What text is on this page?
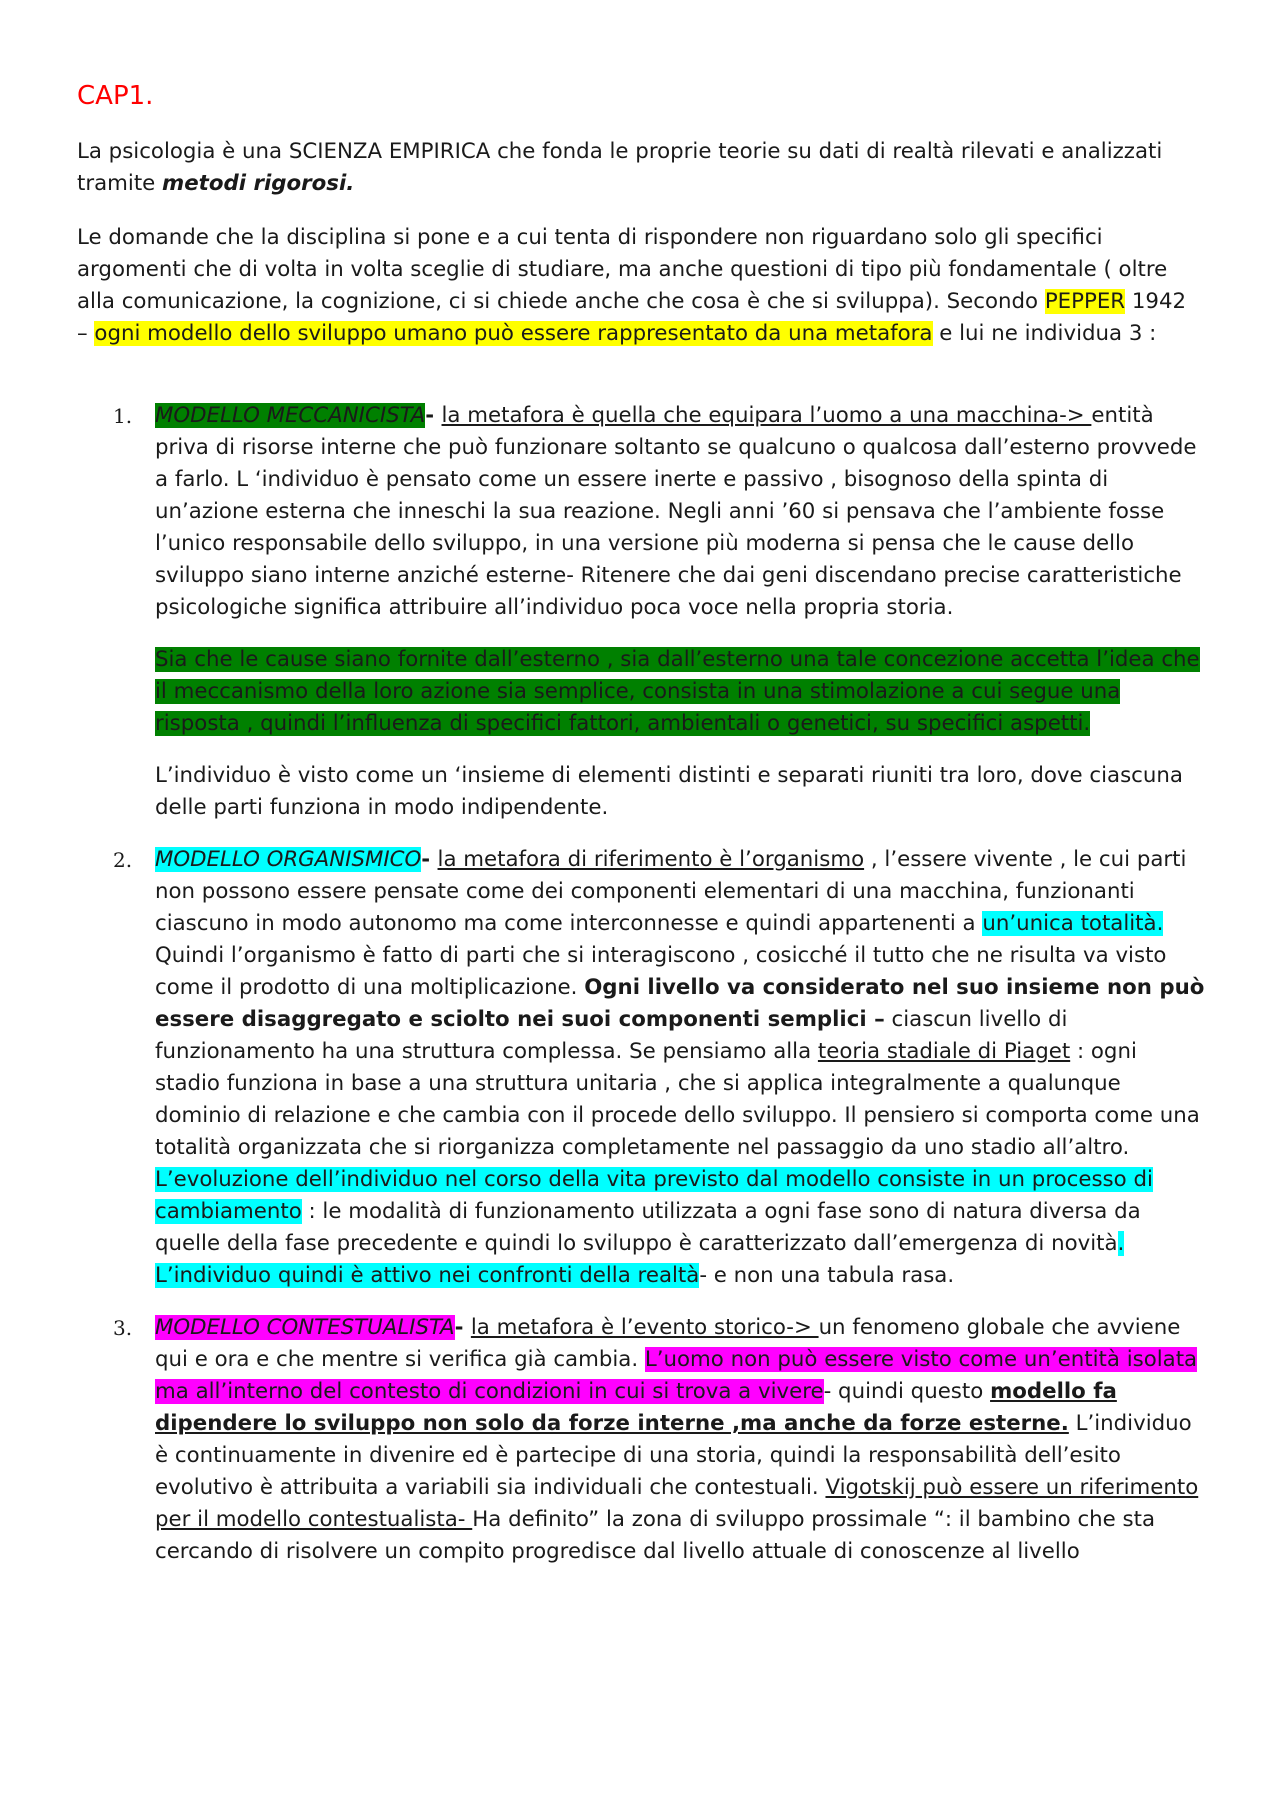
CAP1.

La psicologia è una SCIENZA EMPIRICA che fonda le proprie teorie su dati di realtà rilevati e analizzati tramite metodi rigorosi.

Le domande che la disciplina si pone e a cui tenta di rispondere non riguardano solo gli specifici argomenti che di volta in volta sceglie di studiare, ma anche questioni di tipo più fondamentale ( oltre alla comunicazione, la cognizione, ci si chiede anche che cosa è che si sviluppa). Secondo PEPPER 1942 – ogni modello dello sviluppo umano può essere rappresentato da una metafora e lui ne individua 3 :

1. MODELLO MECCANICISTA- la metafora è quella che equipara l’uomo a una macchina-> entità priva di risorse interne che può funzionare soltanto se qualcuno o qualcosa dall’esterno provvede a farlo. L ‘individuo è pensato come un essere inerte e passivo , bisognoso della spinta di un’azione esterna che inneschi la sua reazione. Negli anni ’60 si pensava che l’ambiente fosse l’unico responsabile dello sviluppo, in una versione più moderna si pensa che le cause dello sviluppo siano interne anziché esterne- Ritenere che dai geni discendano precise caratteristiche psicologiche significa attribuire all’individuo poca voce nella propria storia.

Sia che le cause siano fornite dall’esterno , sia dall’esterno una tale concezione accetta l’idea che il meccanismo della loro azione sia semplice, consista in una stimolazione a cui segue una risposta , quindi l’influenza di specifici fattori, ambientali o genetici, su specifici aspetti.

L’individuo è visto come un ‘insieme di elementi distinti e separati riuniti tra loro, dove ciascuna delle parti funziona in modo indipendente.

2. MODELLO ORGANISMICO- la metafora di riferimento è l’organismo , l’essere vivente , le cui parti non possono essere pensate come dei componenti elementari di una macchina, funzionanti ciascuno in modo autonomo ma come interconnesse e quindi appartenenti a un’unica totalità. Quindi l’organismo è fatto di parti che si interagiscono , cosicché il tutto che ne risulta va visto come il prodotto di una moltiplicazione. Ogni livello va considerato nel suo insieme non può essere disaggregato e sciolto nei suoi componenti semplici – ciascun livello di funzionamento ha una struttura complessa. Se pensiamo alla teoria stadiale di Piaget : ogni stadio funziona in base a una struttura unitaria , che si applica integralmente a qualunque dominio di relazione e che cambia con il procede dello sviluppo. Il pensiero si comporta come una totalità organizzata che si riorganizza completamente nel passaggio da uno stadio all’altro. L’evoluzione dell’individuo nel corso della vita previsto dal modello consiste in un processo di cambiamento : le modalità di funzionamento utilizzata a ogni fase sono di natura diversa da quelle della fase precedente e quindi lo sviluppo è caratterizzato dall’emergenza di novità. L’individuo quindi è attivo nei confronti della realtà- e non una tabula rasa.

3. MODELLO CONTESTUALISTA- la metafora è l’evento storico-> un fenomeno globale che avviene qui e ora e che mentre si verifica già cambia. L’uomo non può essere visto come un’entità isolata ma all’interno del contesto di condizioni in cui si trova a vivere- quindi questo modello fa dipendere lo sviluppo non solo da forze interne ,ma anche da forze esterne. L’individuo è continuamente in divenire ed è partecipe di una storia, quindi la responsabilità dell’esito evolutivo è attribuita a variabili sia individuali che contestuali. Vigotskij può essere un riferimento per il modello contestualista- Ha definito” la zona di sviluppo prossimale “: il bambino che sta cercando di risolvere un compito progredisce dal livello attuale di conoscenze al livello
